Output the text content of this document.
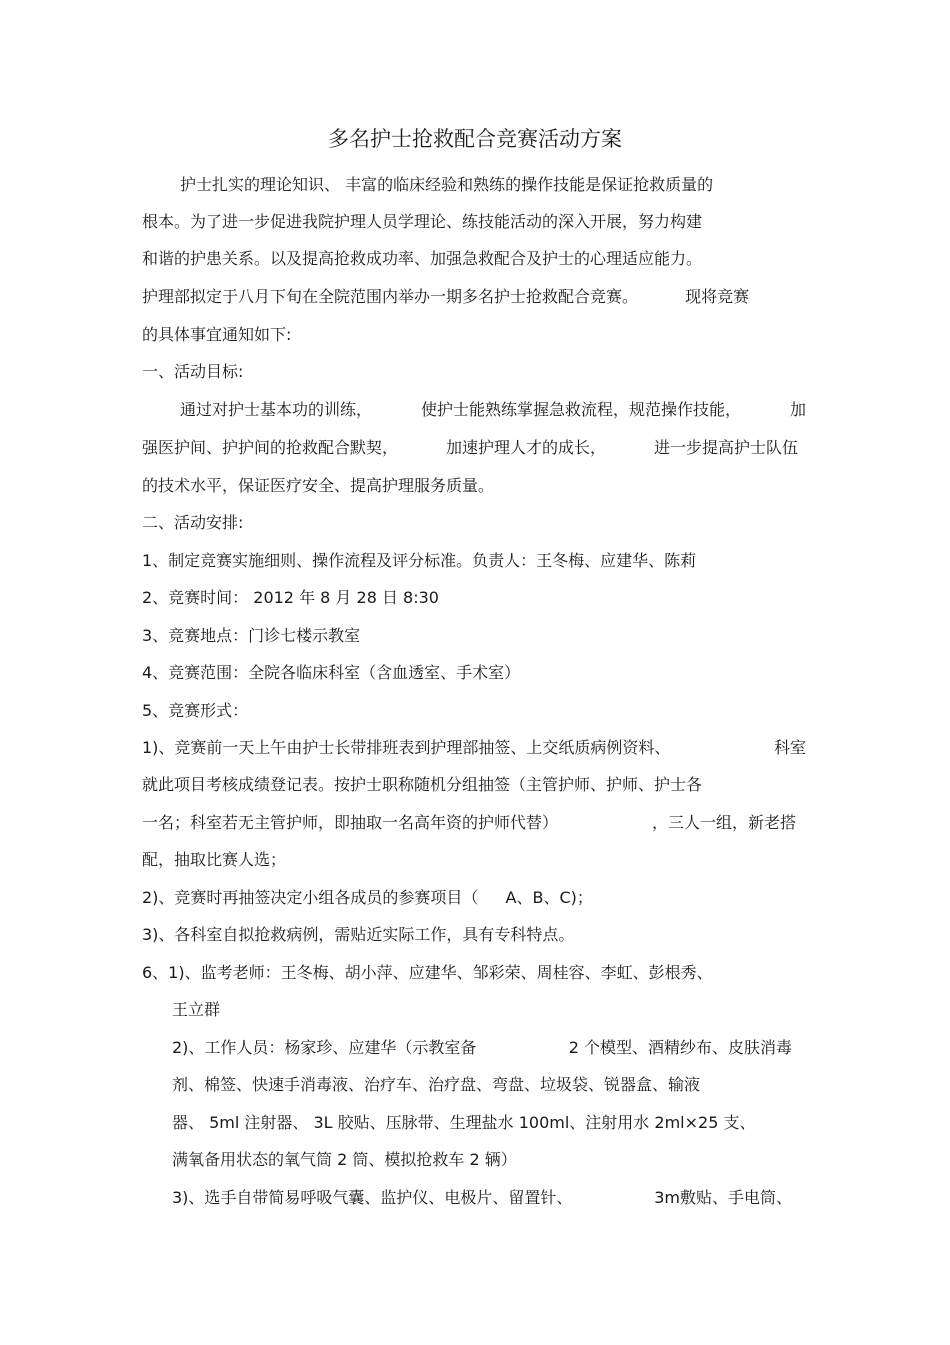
多名护士抢救配合竞赛活动方案
护士扎实的理论知识、 丰富的临床经验和熟练的操作技能是保证抢救质量的
根本。为了进一步促进我院护理人员学理论、练技能活动的深入开展，努力构建
和谐的护患关系。以及提高抢救成功率、加强急救配合及护士的心理适应能力。
护理部拟定于八月下旬在全院范围内举办一期多名护士抢救配合竞赛。	现将竞赛
的具体事宜通知如下:
一、活动目标:
通过对护士基本功的训练，	使护士能熟练掌握急救流程，规范操作技能，	加
强医护间、护护间的抢救配合默契，	加速护理人才的成长，	进一步提高护士队伍
的技术水平，保证医疗安全、提高护理服务质量。
二、活动安排:
1、制定竞赛实施细则、操作流程及评分标准。负责人：王冬梅、应建华、陈莉
2、竞赛时间： 2012 年 8 月 28 日 8:30
3、竞赛地点：门诊七楼示教室
4、竞赛范围：全院各临床科室（含血透室、手术室）
5、竞赛形式：
1)、竞赛前一天上午由护士长带排班表到护理部抽签、上交纸质病例资料、	科室
就此项目考核成绩登记表。按护士职称随机分组抽签（主管护师、护师、护士各
一名；科室若无主管护师，即抽取一名高年资的护师代替）	，三人一组，新老搭
配，抽取比赛人选；
2)、竞赛时再抽签决定小组各成员的参赛项目（ A、B、C)；
3)、各科室自拟抢救病例，需贴近实际工作，具有专科特点。
6、1)、监考老师：王冬梅、胡小萍、应建华、邹彩荣、周桂容、李虹、彭根秀、
王立群
2)、工作人员：杨家珍、应建华（示教室备	2 个模型、酒精纱布、皮肤消毒
剂、棉签、快速手消毒液、治疗车、治疗盘、弯盘、垃圾袋、锐器盒、输液
器、 5ml 注射器、 3L 胶贴、压脉带、生理盐水 100ml、注射用水 2ml×25 支、
满氧备用状态的氧气筒 2 筒、模拟抢救车 2 辆）
3)、选手自带简易呼吸气囊、监护仪、电极片、留置针、	3m敷贴、手电筒、
